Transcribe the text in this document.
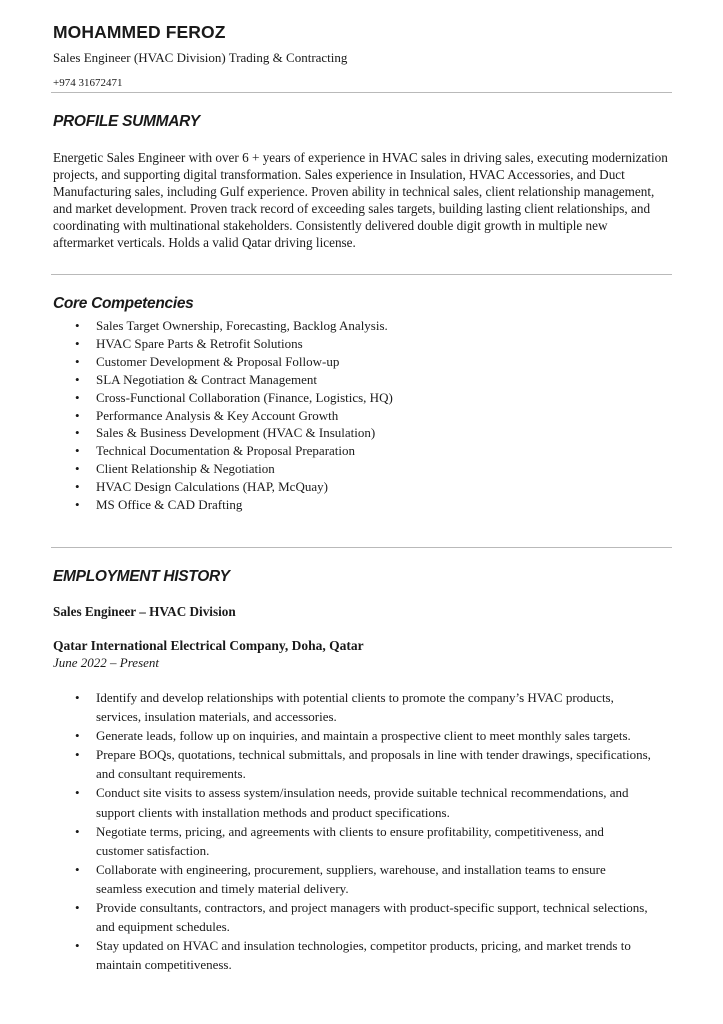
MOHAMMED FEROZ
Sales Engineer (HVAC Division) Trading & Contracting
+974 31672471
PROFILE SUMMARY
Energetic Sales Engineer with over 6 + years of experience in HVAC sales in driving sales, executing modernization projects, and supporting digital transformation. Sales experience in Insulation, HVAC Accessories, and Duct Manufacturing sales, including Gulf experience. Proven ability in technical sales, client relationship management, and market development. Proven track record of exceeding sales targets, building lasting client relationships, and coordinating with multinational stakeholders. Consistently delivered double digit growth in multiple new aftermarket verticals. Holds a valid Qatar driving license.
Core Competencies
• Sales Target Ownership, Forecasting, Backlog Analysis.
• HVAC Spare Parts & Retrofit Solutions
• Customer Development & Proposal Follow-up
• SLA Negotiation & Contract Management
• Cross-Functional Collaboration (Finance, Logistics, HQ)
• Performance Analysis & Key Account Growth
• Sales & Business Development (HVAC & Insulation)
• Technical Documentation & Proposal Preparation
• Client Relationship & Negotiation
• HVAC Design Calculations (HAP, McQuay)
• MS Office & CAD Drafting
EMPLOYMENT HISTORY
Sales Engineer – HVAC Division
Qatar International Electrical Company, Doha, Qatar
June 2022 – Present
• Identify and develop relationships with potential clients to promote the company’s HVAC products, services, insulation materials, and accessories.
• Generate leads, follow up on inquiries, and maintain a prospective client to meet monthly sales targets.
• Prepare BOQs, quotations, technical submittals, and proposals in line with tender drawings, specifications, and consultant requirements.
• Conduct site visits to assess system/insulation needs, provide suitable technical recommendations, and support clients with installation methods and product specifications.
• Negotiate terms, pricing, and agreements with clients to ensure profitability, competitiveness, and customer satisfaction.
• Collaborate with engineering, procurement, suppliers, warehouse, and installation teams to ensure seamless execution and timely material delivery.
• Provide consultants, contractors, and project managers with product-specific support, technical selections, and equipment schedules.
• Stay updated on HVAC and insulation technologies, competitor products, pricing, and market trends to maintain competitiveness.
